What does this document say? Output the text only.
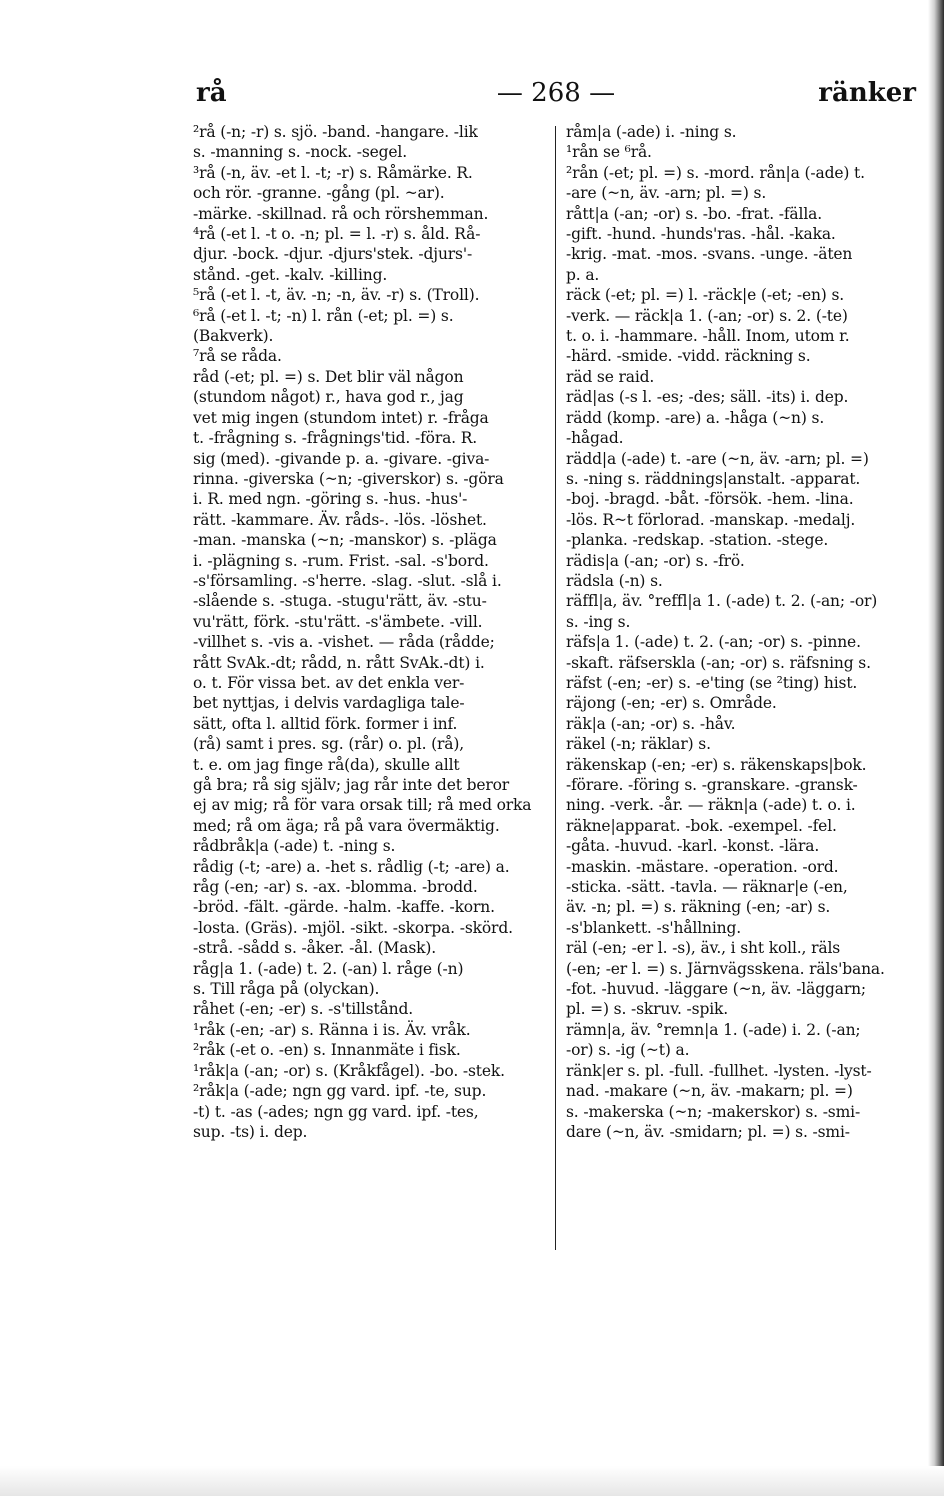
rå	— 268 —	ränker
²rå (-n; -r) s. sjö. -band. -hangare. -lik
s. -manning s. -nock. -segel.
³rå (-n, äv. -et l. -t; -r) s. Råmärke. R.
och rör. -granne. -gång (pl. ~ar).
-märke. -skillnad. rå och rörshemman.
⁴rå (-et l. -t o. -n; pl. = l. -r) s. åld. Rå-
djur. -bock. -djur. -djurs'stek. -djurs'-
stånd. -get. -kalv. -killing.
⁵rå (-et l. -t, äv. -n; -n, äv. -r) s. (Troll).
⁶rå (-et l. -t; -n) l. rån (-et; pl. =) s.
(Bakverk).
⁷rå se råda.
råd (-et; pl. =) s. Det blir väl någon
(stundom något) r., hava god r., jag
vet mig ingen (stundom intet) r. -fråga
t. -frågning s. -frågnings'tid. -föra. R.
sig (med). -givande p. a. -givare. -giva-
rinna. -giverska (~n; -giverskor) s. -göra
i. R. med ngn. -göring s. -hus. -hus'-
rätt. -kammare. Äv. råds-. -lös. -löshet.
-man. -manska (~n; -manskor) s. -pläga
i. -plägning s. -rum. Frist. -sal. -s'bord.
-s'församling. -s'herre. -slag. -slut. -slå i.
-slående s. -stuga. -stugu'rätt, äv. -stu-
vu'rätt, förk. -stu'rätt. -s'ämbete. -vill.
-villhet s. -vis a. -vishet. — råda (rådde;
rått SvAk.-dt; rådd, n. rått SvAk.-dt) i.
o. t. För vissa bet. av det enkla ver-
bet nyttjas, i delvis vardagliga tale-
sätt, ofta l. alltid förk. former i inf.
(rå) samt i pres. sg. (rår) o. pl. (rå),
t. e. om jag finge rå(da), skulle allt
gå bra; rå sig själv; jag rår inte det beror
ej av mig; rå för vara orsak till; rå med orka
med; rå om äga; rå på vara övermäktig.
rådbråk|a (-ade) t. -ning s.
rådig (-t; -are) a. -het s. rådlig (-t; -are) a.
råg (-en; -ar) s. -ax. -blomma. -brodd.
-bröd. -fält. -gärde. -halm. -kaffe. -korn.
-losta. (Gräs). -mjöl. -sikt. -skorpa. -skörd.
-strå. -sådd s. -åker. -ål. (Mask).
råg|a 1. (-ade) t. 2. (-an) l. råge (-n)
s. Till råga på (olyckan).
råhet (-en; -er) s. -s'tillstånd.
¹råk (-en; -ar) s. Ränna i is. Äv. vråk.
²råk (-et o. -en) s. Innanmäte i fisk.
¹råk|a (-an; -or) s. (Kråkfågel). -bo. -stek.
²råk|a (-ade; ngn gg vard. ipf. -te, sup.
-t) t. -as (-ades; ngn gg vard. ipf. -tes,
sup. -ts) i. dep.
råm|a (-ade) i. -ning s.
¹rån se ⁶rå.
²rån (-et; pl. =) s. -mord. rån|a (-ade) t.
-are (~n, äv. -arn; pl. =) s.
rått|a (-an; -or) s. -bo. -frat. -fälla.
-gift. -hund. -hunds'ras. -hål. -kaka.
-krig. -mat. -mos. -svans. -unge. -äten
p. a.
räck (-et; pl. =) l. -räck|e (-et; -en) s.
-verk. — räck|a 1. (-an; -or) s. 2. (-te)
t. o. i. -hammare. -håll. Inom, utom r.
-härd. -smide. -vidd. räckning s.
räd se raid.
räd|as (-s l. -es; -des; säll. -its) i. dep.
rädd (komp. -are) a. -håga (~n) s.
-hågad.
rädd|a (-ade) t. -are (~n, äv. -arn; pl. =)
s. -ning s. räddnings|anstalt. -apparat.
-boj. -bragd. -båt. -försök. -hem. -lina.
-lös. R~t förlorad. -manskap. -medalj.
-planka. -redskap. -station. -stege.
rädis|a (-an; -or) s. -frö.
rädsla (-n) s.
räffl|a, äv. °reffl|a 1. (-ade) t. 2. (-an; -or)
s. -ing s.
räfs|a 1. (-ade) t. 2. (-an; -or) s. -pinne.
-skaft. räfserskla (-an; -or) s. räfsning s.
räfst (-en; -er) s. -e'ting (se ²ting) hist.
räjong (-en; -er) s. Område.
räk|a (-an; -or) s. -håv.
räkel (-n; räklar) s.
räkenskap (-en; -er) s. räkenskaps|bok.
-förare. -föring s. -granskare. -gransk-
ning. -verk. -år. — räkn|a (-ade) t. o. i.
räkne|apparat. -bok. -exempel. -fel.
-gåta. -huvud. -karl. -konst. -lära.
-maskin. -mästare. -operation. -ord.
-sticka. -sätt. -tavla. — räknar|e (-en,
äv. -n; pl. =) s. räkning (-en; -ar) s.
-s'blankett. -s'hållning.
räl (-en; -er l. -s), äv., i sht koll., räls
(-en; -er l. =) s. Järnvägsskena. räls'bana.
-fot. -huvud. -läggare (~n, äv. -läggarn;
pl. =) s. -skruv. -spik.
rämn|a, äv. °remn|a 1. (-ade) i. 2. (-an;
-or) s. -ig (~t) a.
ränk|er s. pl. -full. -fullhet. -lysten. -lyst-
nad. -makare (~n, äv. -makarn; pl. =)
s. -makerska (~n; -makerskor) s. -smi-
dare (~n, äv. -smidarn; pl. =) s. -smi-
